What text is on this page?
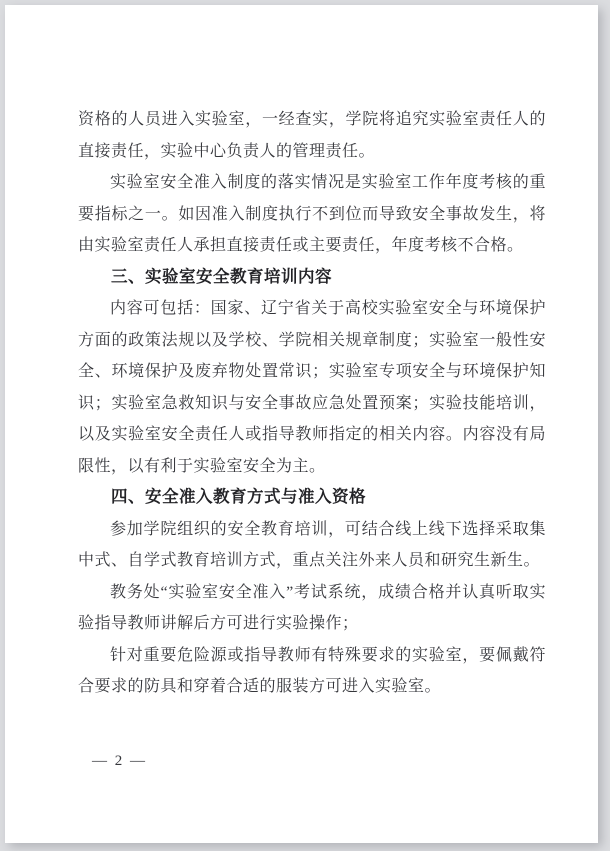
资格的人员进入实验室，一经查实，学院将追究实验室责任人的直接责任，实验中心负责人的管理责任。

实验室安全准入制度的落实情况是实验室工作年度考核的重要指标之一。如因准入制度执行不到位而导致安全事故发生，将由实验室责任人承担直接责任或主要责任，年度考核不合格。

三、实验室安全教育培训内容

内容可包括：国家、辽宁省关于高校实验室安全与环境保护方面的政策法规以及学校、学院相关规章制度；实验室一般性安全、环境保护及废弃物处置常识；实验室专项安全与环境保护知识；实验室急救知识与安全事故应急处置预案；实验技能培训，以及实验室安全责任人或指导教师指定的相关内容。内容没有局限性，以有利于实验室安全为主。

四、安全准入教育方式与准入资格

参加学院组织的安全教育培训，可结合线上线下选择采取集中式、自学式教育培训方式，重点关注外来人员和研究生新生。

教务处“实验室安全准入”考试系统，成绩合格并认真听取实验指导教师讲解后方可进行实验操作；

针对重要危险源或指导教师有特殊要求的实验室，要佩戴符合要求的防具和穿着合适的服装方可进入实验室。

— 2 —
